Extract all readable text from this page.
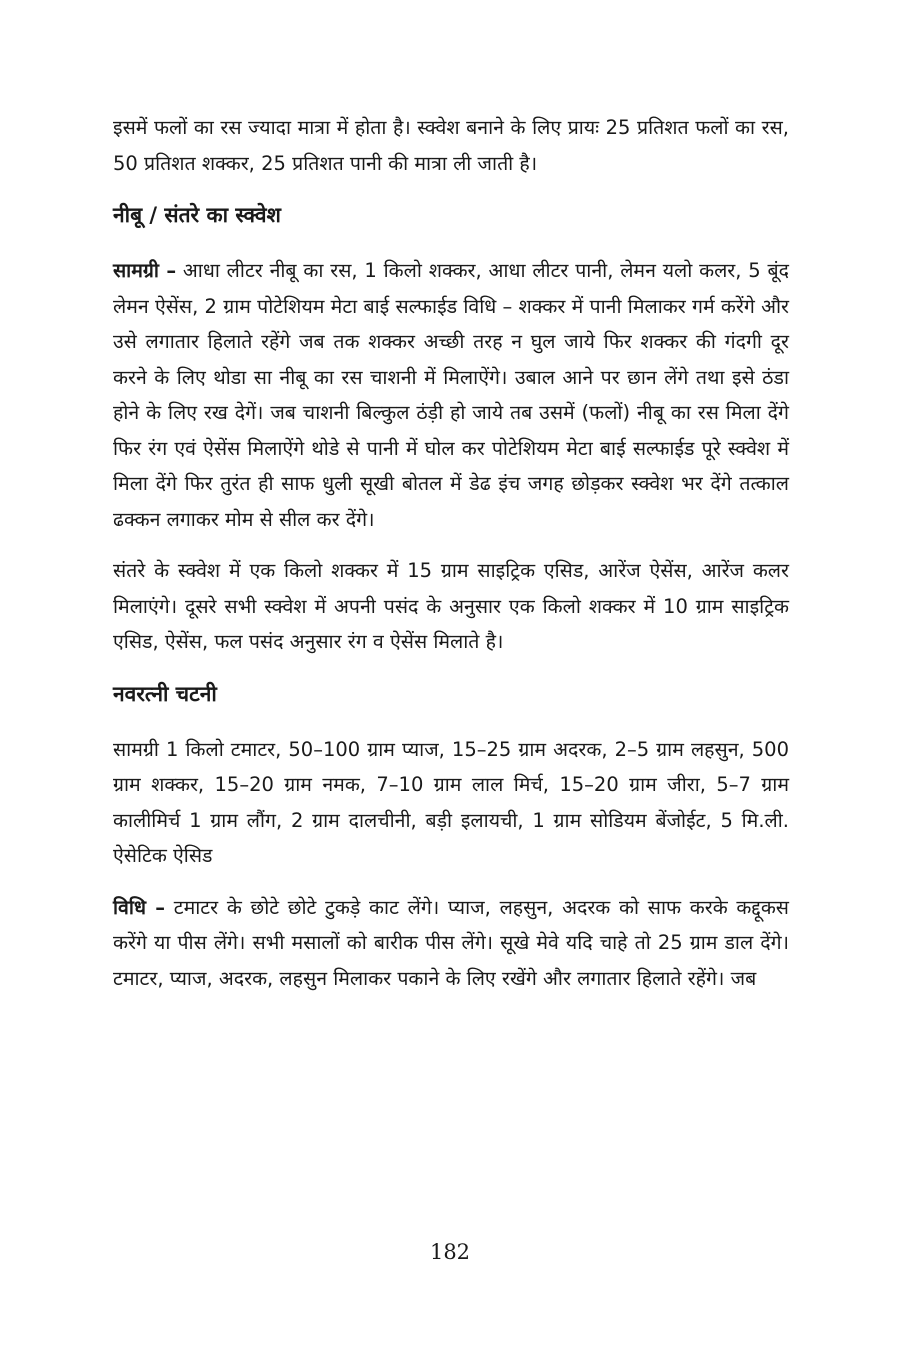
इसमें फलों का रस ज्यादा मात्रा में होता है। स्क्वेश बनाने के लिए प्रायः 25 प्रतिशत फलों का रस, 50 प्रतिशत शक्कर, 25 प्रतिशत पानी की मात्रा ली जाती है।

नीबू / संतरे का स्क्वेश

सामग्री – आधा लीटर नीबू का रस, 1 किलो शक्कर, आधा लीटर पानी, लेमन यलो कलर, 5 बूंद लेमन ऐसेंस, 2 ग्राम पोटेशियम मेटा बाई सल्फाईड विधि – शक्कर में पानी मिलाकर गर्म करेंगे और उसे लगातार हिलाते रहेंगे जब तक शक्कर अच्छी तरह न घुल जाये फिर शक्कर की गंदगी दूर करने के लिए थोडा सा नीबू का रस चाशनी में मिलाऐंगे। उबाल आने पर छान लेंगे तथा इसे ठंडा होने के लिए रख देगें। जब चाशनी बिल्कुल ठंड़ी हो जाये तब उसमें (फलों) नीबू का रस मिला देंगे फिर रंग एवं ऐसेंस मिलाऐंगे थोडे से पानी में घोल कर पोटेशियम मेटा बाई सल्फाईड पूरे स्क्वेश में मिला देंगे फिर तुरंत ही साफ धुली सूखी बोतल में डेढ इंच जगह छोड़कर स्क्वेश भर देंगे तत्काल ढक्कन लगाकर मोम से सील कर देंगे।

संतरे के स्क्वेश में एक किलो शक्कर में 15 ग्राम साइट्रिक एसिड, आरेंज ऐसेंस, आरेंज कलर मिलाएंगे। दूसरे सभी स्क्वेश में अपनी पसंद के अनुसार एक किलो शक्कर में 10 ग्राम साइट्रिक एसिड, ऐसेंस, फल पसंद अनुसार रंग व ऐसेंस मिलाते है।

नवरत्नी चटनी

सामग्री 1 किलो टमाटर, 50–100 ग्राम प्याज, 15–25 ग्राम अदरक, 2–5 ग्राम लहसुन, 500 ग्राम शक्कर, 15–20 ग्राम नमक, 7–10 ग्राम लाल मिर्च, 15–20 ग्राम जीरा, 5–7 ग्राम कालीमिर्च 1 ग्राम लौंग, 2 ग्राम दालचीनी, बड़ी इलायची, 1 ग्राम सोडियम बेंजोईट, 5 मि.ली. ऐसेटिक ऐसिड

विधि – टमाटर के छोटे छोटे टुकड़े काट लेंगे। प्याज, लहसुन, अदरक को साफ करके कद्दूकस करेंगे या पीस लेंगे। सभी मसालों को बारीक पीस लेंगे। सूखे मेवे यदि चाहे तो 25 ग्राम डाल देंगे। टमाटर, प्याज, अदरक, लहसुन मिलाकर पकाने के लिए रखेंगे और लगातार हिलाते रहेंगे। जब

182
